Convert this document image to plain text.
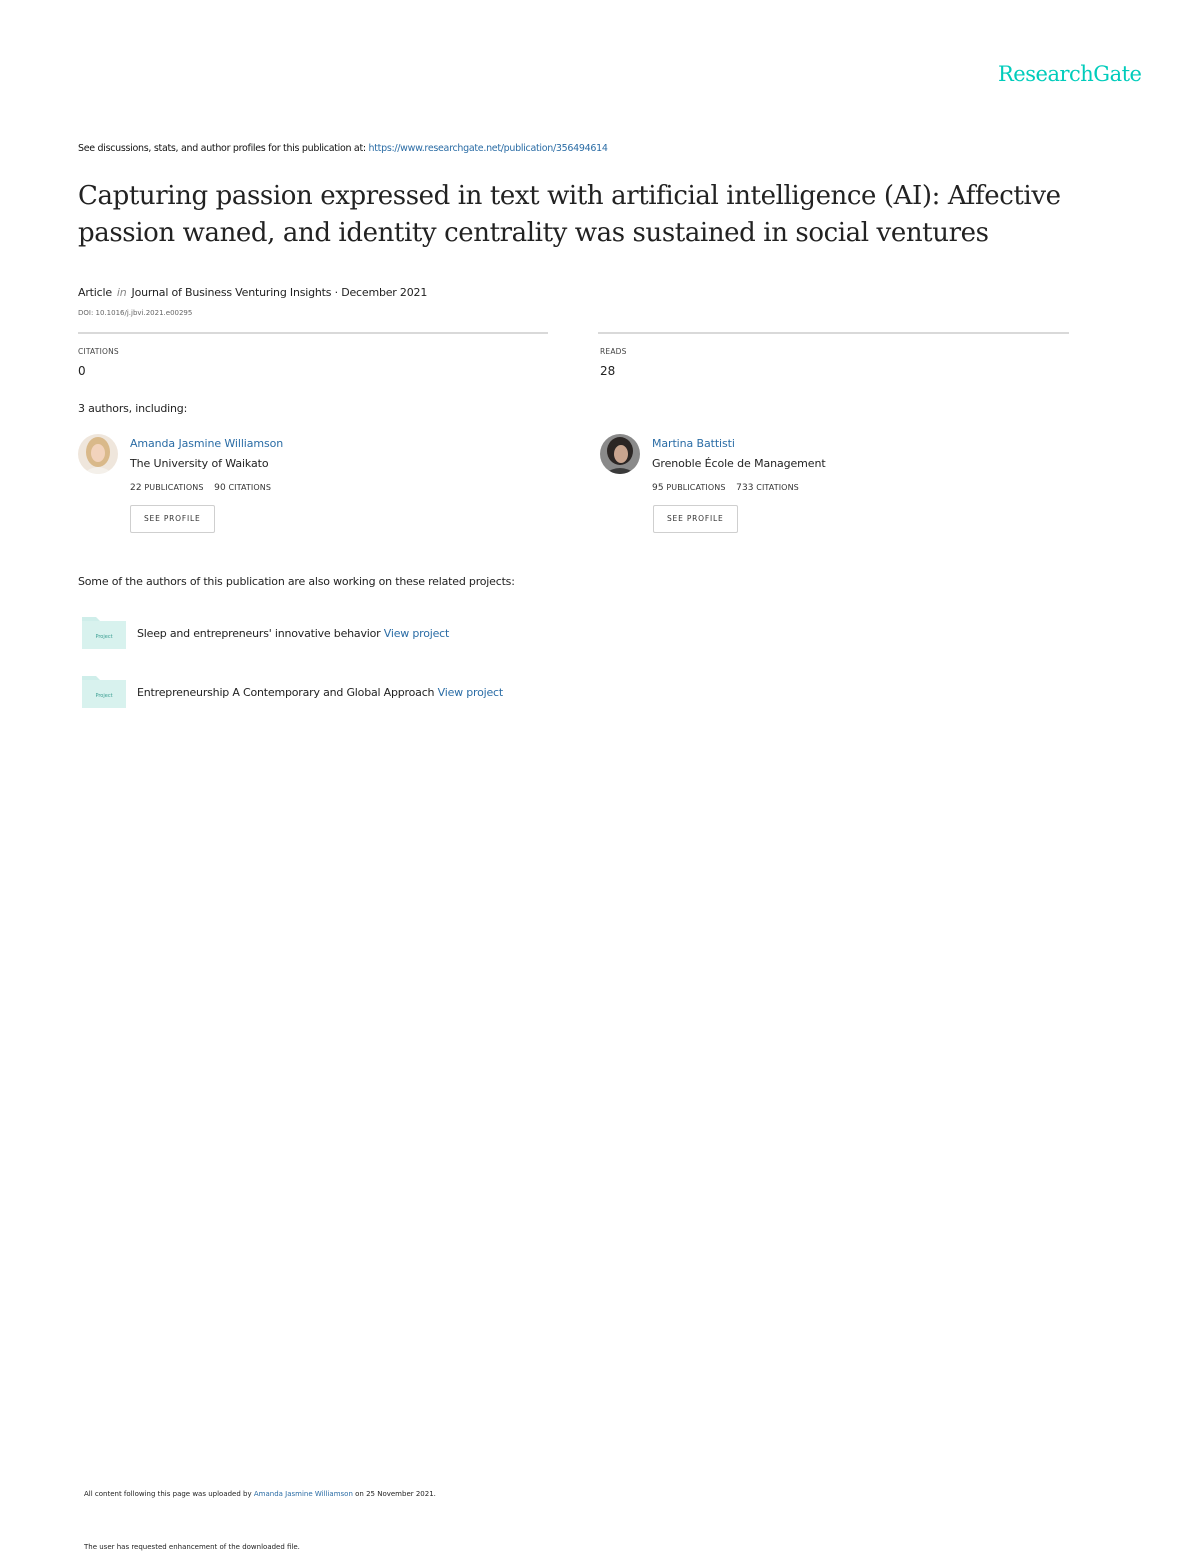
ResearchGate
See discussions, stats, and author profiles for this publication at: https://www.researchgate.net/publication/356494614
Capturing passion expressed in text with artificial intelligence (AI): Affective passion waned, and identity centrality was sustained in social ventures
Article in Journal of Business Venturing Insights · December 2021
DOI: 10.1016/j.jbvi.2021.e00295
CITATIONS
0
READS
28
3 authors, including:
Amanda Jasmine Williamson
The University of Waikato
22 PUBLICATIONS 90 CITATIONS
SEE PROFILE
Martina Battisti
Grenoble École de Management
95 PUBLICATIONS 733 CITATIONS
SEE PROFILE
Some of the authors of this publication are also working on these related projects:
Project Sleep and entrepreneurs' innovative behavior View project
Project Entrepreneurship A Contemporary and Global Approach View project
All content following this page was uploaded by Amanda Jasmine Williamson on 25 November 2021.
The user has requested enhancement of the downloaded file.
